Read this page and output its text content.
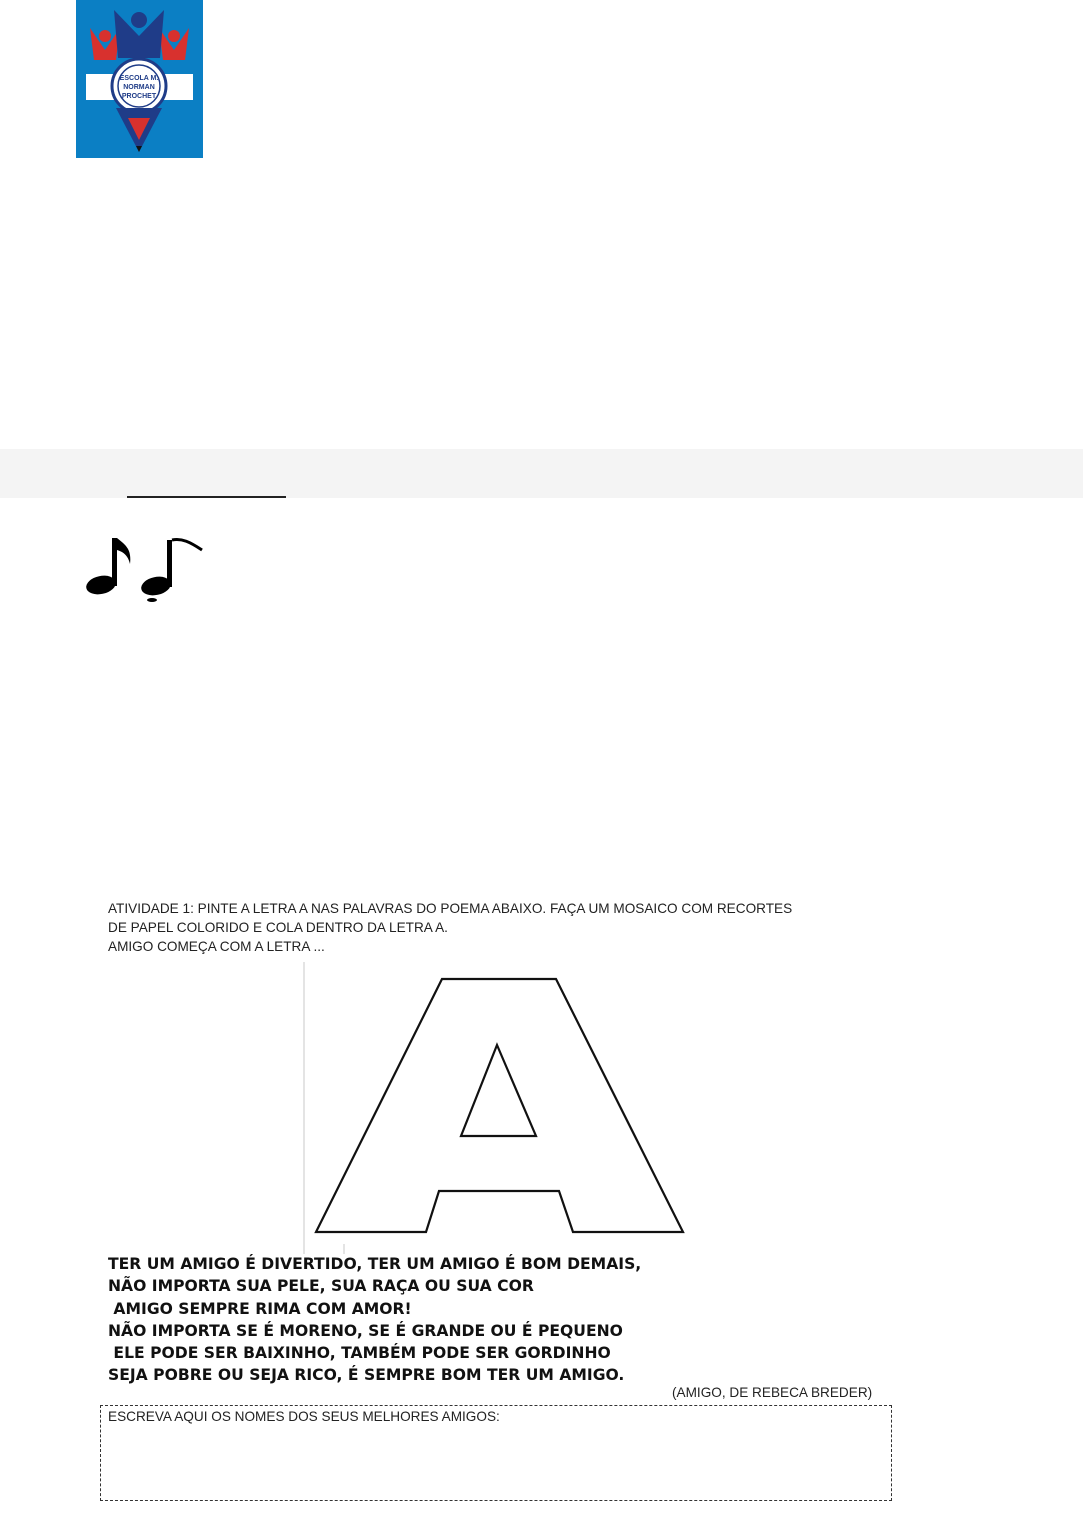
ESCOLA M.
NORMAN
PROCHET
ATIVIDADE 1: PINTE A LETRA A NAS PALAVRAS DO POEMA ABAIXO. FAÇA UM MOSAICO COM RECORTES
DE PAPEL COLORIDO E COLA DENTRO DA LETRA A.
AMIGO COMEÇA COM A LETRA ...
TER UM AMIGO É DIVERTIDO, TER UM AMIGO É BOM DEMAIS,
NÃO IMPORTA SUA PELE, SUA RAÇA OU SUA COR
AMIGO SEMPRE RIMA COM AMOR!
NÃO IMPORTA SE É MORENO, SE É GRANDE OU É PEQUENO
ELE PODE SER BAIXINHO, TAMBÉM PODE SER GORDINHO
SEJA POBRE OU SEJA RICO, É SEMPRE BOM TER UM AMIGO.
(AMIGO, DE REBECA BREDER)
ESCREVA AQUI OS NOMES DOS SEUS MELHORES AMIGOS:
